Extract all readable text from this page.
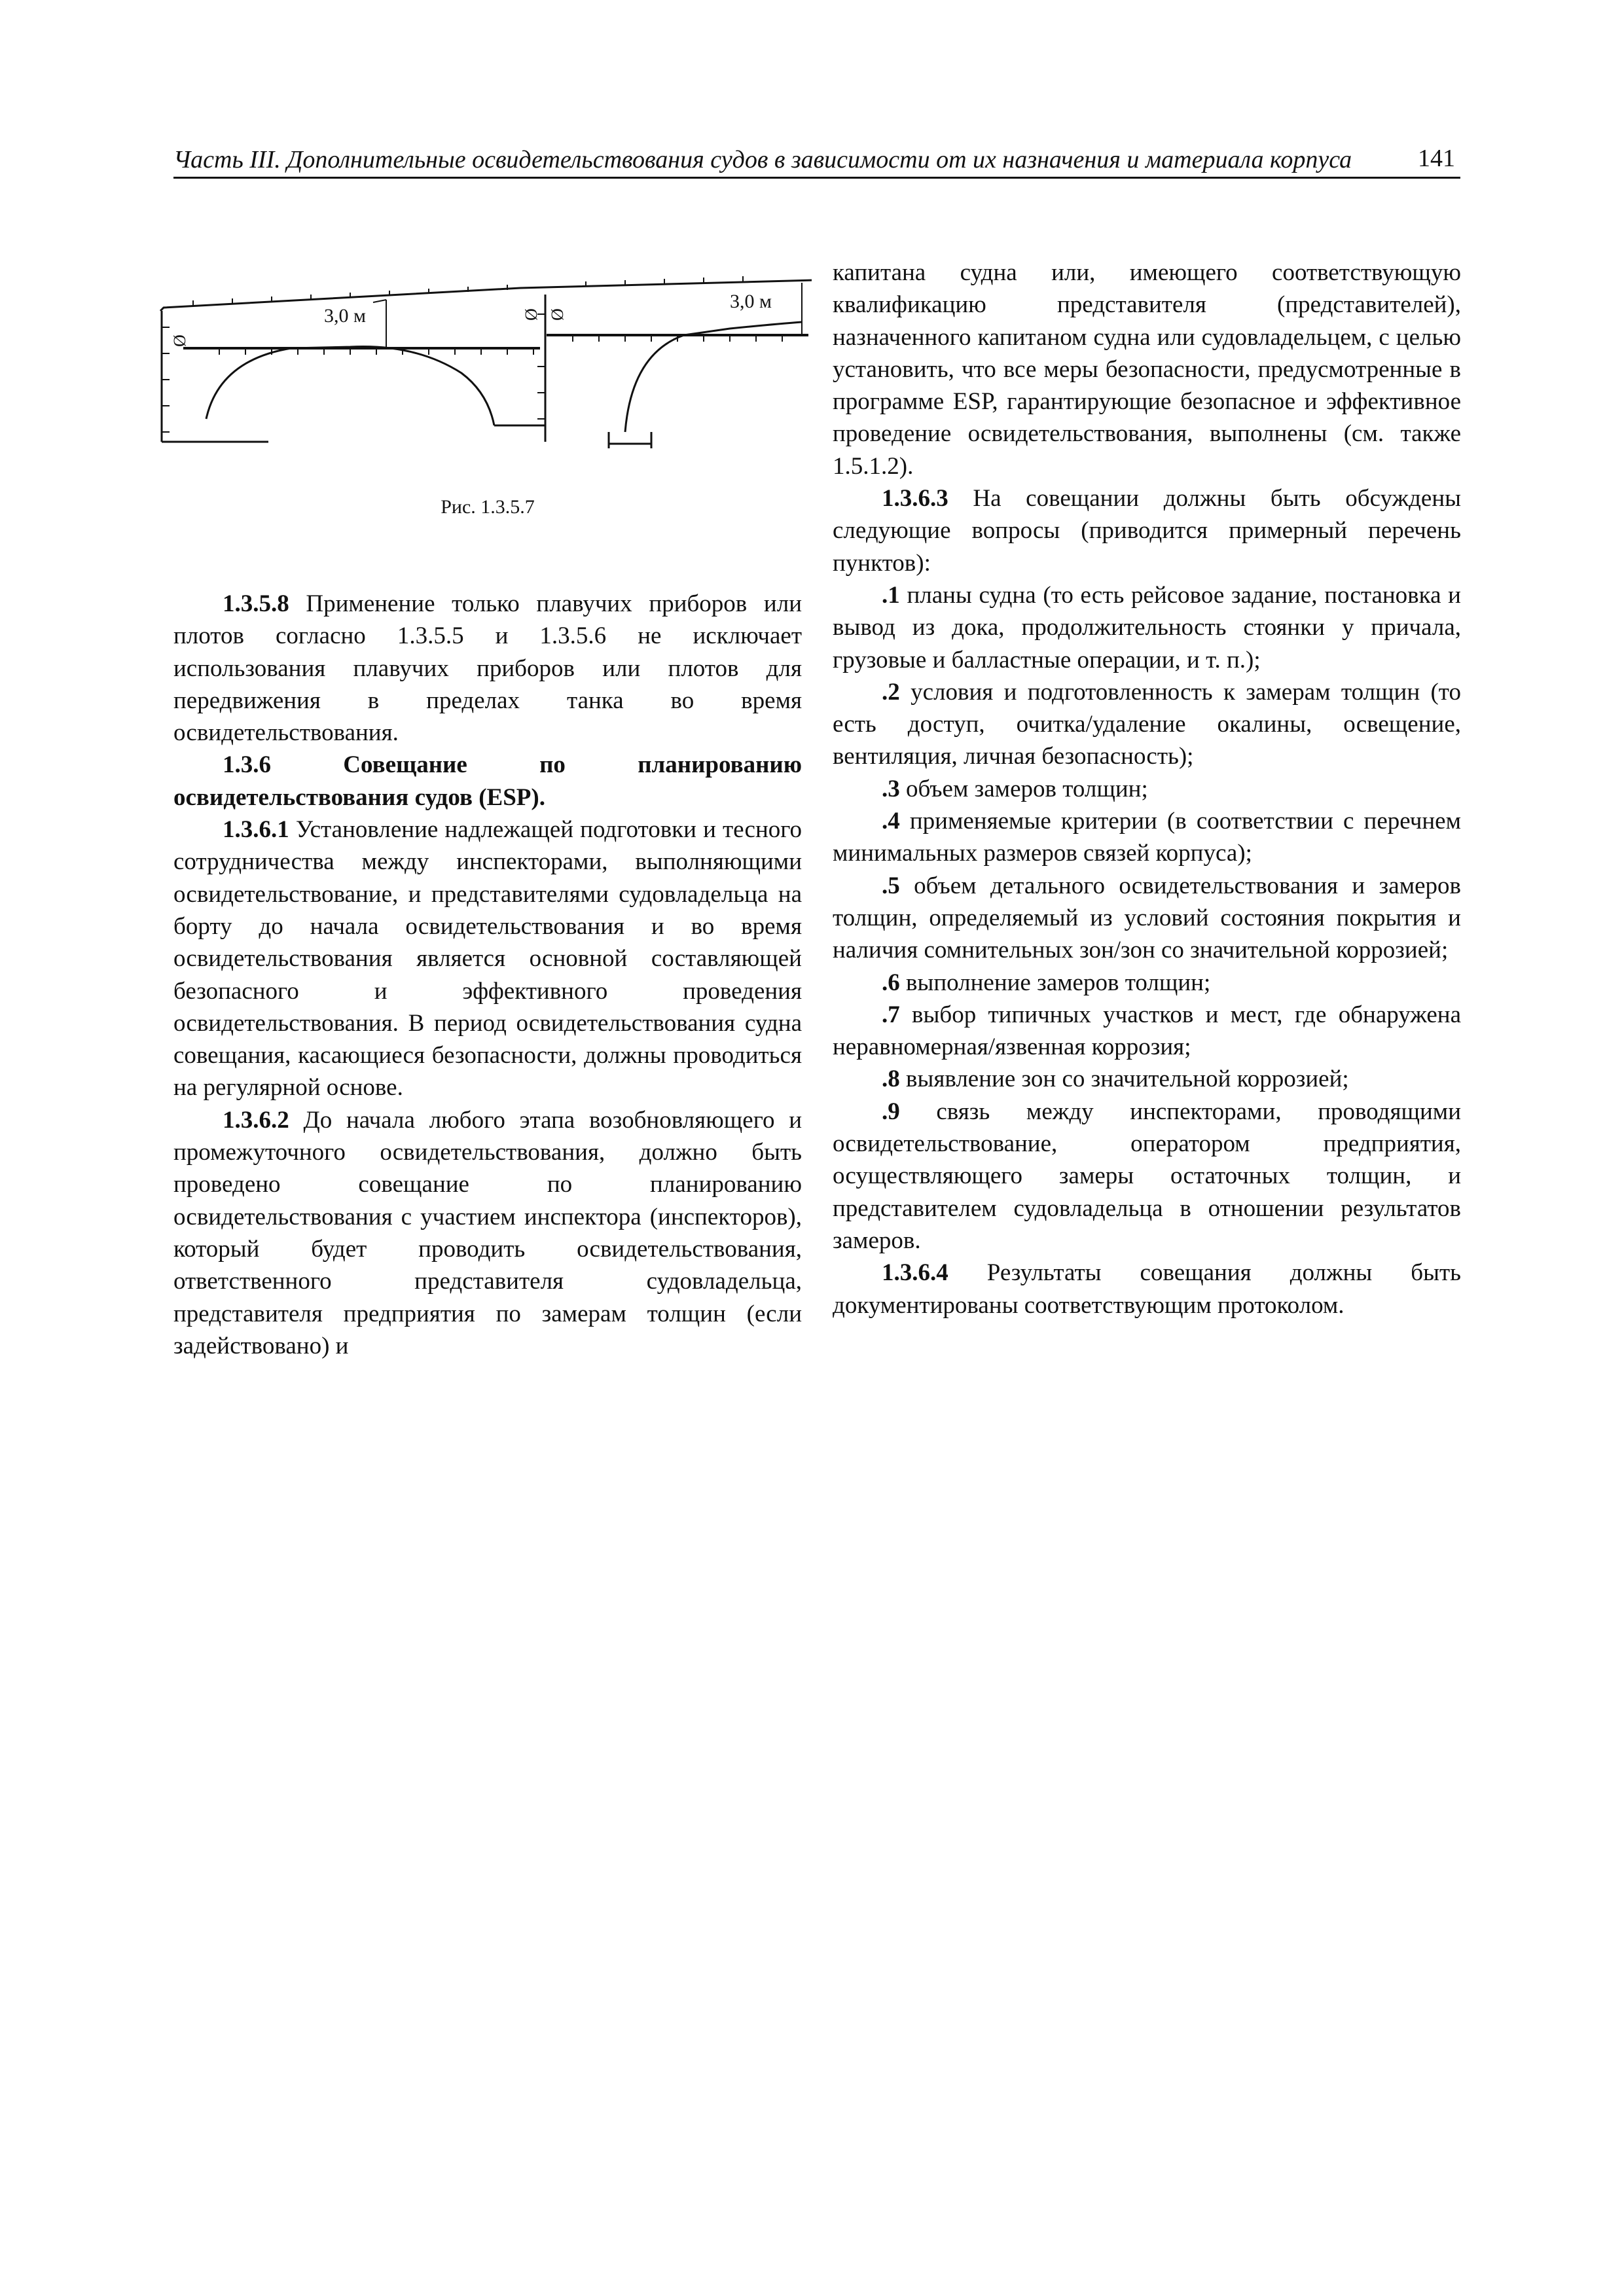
Часть III. Дополнительные освидетельствования судов в зависимости от их назначения и материала корпуса	141
3,0 м
3,0 м
Ø
Ø Ø
Рис. 1.3.5.7

1.3.5.8 Применение только плавучих приборов или плотов согласно 1.3.5.5 и 1.3.5.6 не исключает использования плавучих приборов или плотов для передвижения в пределах танка во время освидетельствования.

1.3.6 Совещание по планированию освидетельствования судов (ESP).

1.3.6.1 Установление надлежащей подготовки и тесного сотрудничества между инспекторами, выполняющими освидетельствование, и представителями судовладельца на борту до начала освидетельствования и во время освидетельствования является основной составляющей безопасного и эффективного проведения освидетельствования. В период освидетельствования судна совещания, касающиеся безопасности, должны проводиться на регулярной основе.

1.3.6.2 До начала любого этапа возобновляющего и промежуточного освидетельствования, должно быть проведено совещание по планированию освидетельствования с участием инспектора (инспекторов), который будет проводить освидетельствования, ответственного представителя судовладельца, представителя предприятия по замерам толщин (если задействовано) и

капитана судна или, имеющего соответствующую квалификацию представителя (представителей), назначенного капитаном судна или судовладельцем, с целью установить, что все меры безопасности, предусмотренные в программе ESP, гарантирующие безопасное и эффективное проведение освидетельствования, выполнены (см. также 1.5.1.2).

1.3.6.3 На совещании должны быть обсуждены следующие вопросы (приводится примерный перечень пунктов):

.1 планы судна (то есть рейсовое задание, постановка и вывод из дока, продолжительность стоянки у причала, грузовые и балластные операции, и т. п.);

.2 условия и подготовленность к замерам толщин (то есть доступ, очитка/удаление окалины, освещение, вентиляция, личная безопасность);

.3 объем замеров толщин;

.4 применяемые критерии (в соответствии с перечнем минимальных размеров связей корпуса);

.5 объем детального освидетельствования и замеров толщин, определяемый из условий состояния покрытия и наличия сомнительных зон/зон со значительной коррозией;

.6 выполнение замеров толщин;

.7 выбор типичных участков и мест, где обнаружена неравномерная/язвенная коррозия;

.8 выявление зон со значительной коррозией;

.9 связь между инспекторами, проводящими освидетельствование, оператором предприятия, осуществляющего замеры остаточных толщин, и представителем судовладельца в отношении результатов замеров.

1.3.6.4 Результаты совещания должны быть документированы соответствующим протоколом.
